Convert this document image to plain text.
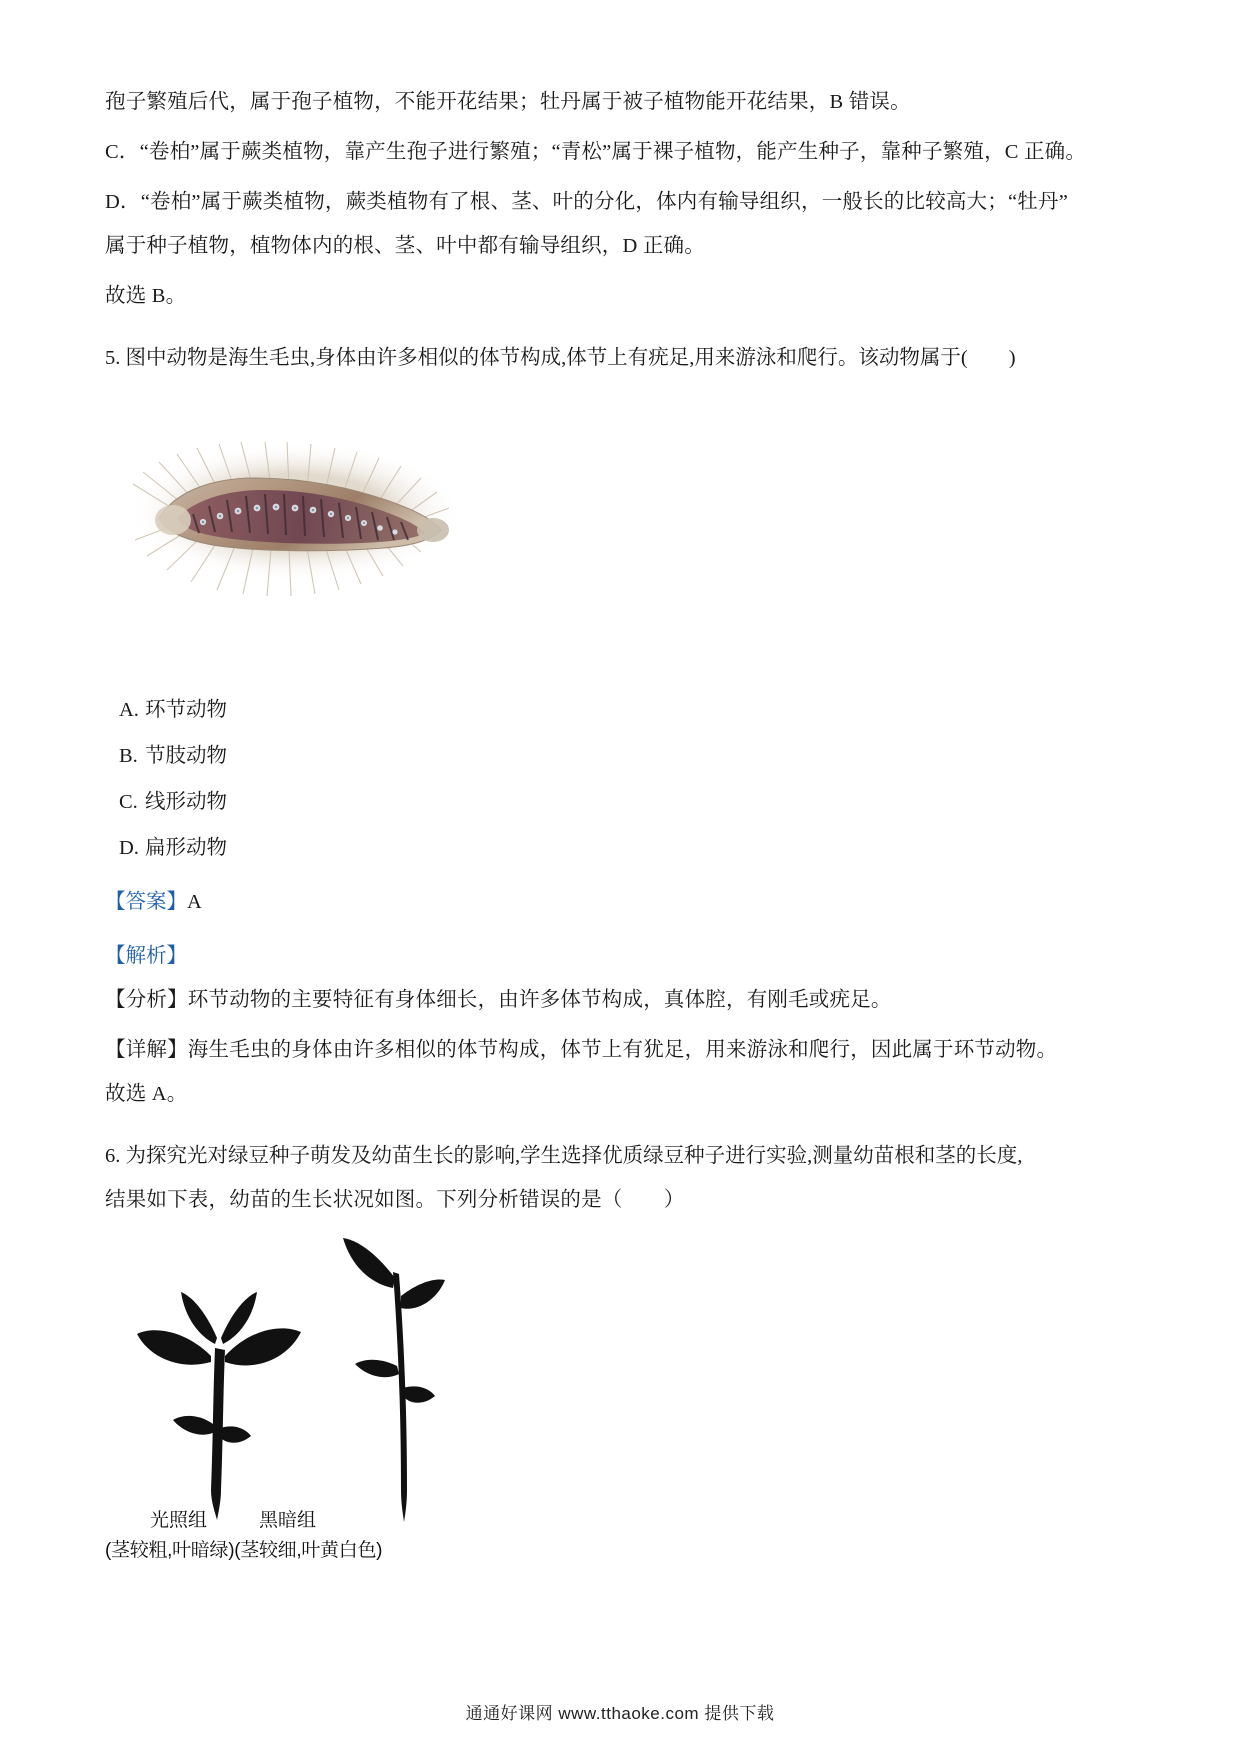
孢子繁殖后代，属于孢子植物，不能开花结果；牡丹属于被子植物能开花结果，B 错误。

C．“卷柏”属于蕨类植物，靠产生孢子进行繁殖；“青松”属于裸子植物，能产生种子，靠种子繁殖，C 正确。

D．“卷柏”属于蕨类植物，蕨类植物有了根、茎、叶的分化，体内有输导组织，一般长的比较高大；“牡丹”

属于种子植物，植物体内的根、茎、叶中都有输导组织，D 正确。

故选 B。

5. 图中动物是海生毛虫,身体由许多相似的体节构成,体节上有疣足,用来游泳和爬行。该动物属于(　　)

A. 环节动物

B. 节肢动物

C. 线形动物

D. 扁形动物

【答案】A

【解析】

【分析】环节动物的主要特征有身体细长，由许多体节构成，真体腔，有刚毛或疣足。

【详解】海生毛虫的身体由许多相似的体节构成，体节上有犹足，用来游泳和爬行，因此属于环节动物。

故选 A。

6. 为探究光对绿豆种子萌发及幼苗生长的影响,学生选择优质绿豆种子进行实验,测量幼苗根和茎的长度,

结果如下表，幼苗的生长状况如图。下列分析错误的是（　　）

光照组	黑暗组
(茎较粗,叶暗绿)(茎较细,叶黄白色)
通通好课网 www.tthaoke.com 提供下载
